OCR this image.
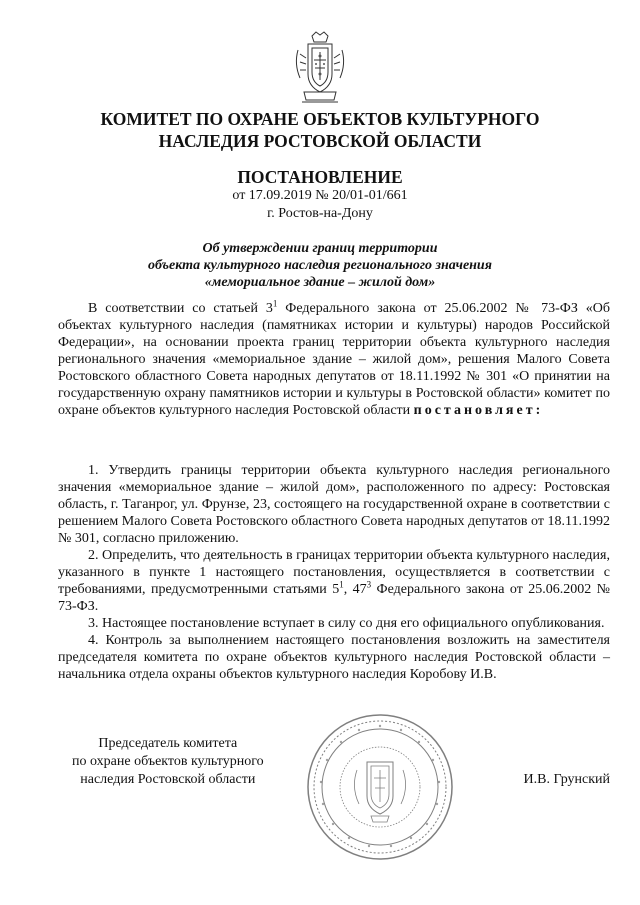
КОМИТЕТ ПО ОХРАНЕ ОБЪЕКТОВ КУЛЬТУРНОГО
НАСЛЕДИЯ РОСТОВСКОЙ ОБЛАСТИ
ПОСТАНОВЛЕНИЕ
от 17.09.2019 № 20/01-01/661
г. Ростов-на-Дону
Об утверждении границ территории
объекта культурного наследия регионального значения
«мемориальное здание – жилой дом»

В соответствии со статьей $3^1$ Федерального закона от 25.06.2002 № 73-ФЗ «Об объектах культурного наследия (памятниках истории и культуры) народов Российской Федерации», на основании проекта границ территории объекта культурного наследия регионального значения «мемориальное здание – жилой дом», решения Малого Совета Ростовского областного Совета народных депутатов от 18.11.1992 № 301 «О принятии на государственную охрану памятников истории и культуры в Ростовской области» комитет по охране объектов культурного наследия Ростовской области постановляет:

1. Утвердить границы территории объекта культурного наследия регионального значения «мемориальное здание – жилой дом», расположенного по адресу: Ростовская область, г. Таганрог, ул. Фрунзе, 23, состоящего на государственной охране в соответствии с решением Малого Совета Ростовского областного Совета народных депутатов от 18.11.1992 № 301, согласно приложению.

2. Определить, что деятельность в границах территории объекта культурного наследия, указанного в пункте 1 настоящего постановления, осуществляется в соответствии с требованиями, предусмотренными статьями $5^1$, $47^3$ Федерального закона от 25.06.2002 № 73-ФЗ.

3. Настоящее постановление вступает в силу со дня его официального опубликования.

4. Контроль за выполнением настоящего постановления возложить на заместителя председателя комитета по охране объектов культурного наследия Ростовской области – начальника отдела охраны объектов культурного наследия Коробову И.В.

Председатель комитета
по охране объектов культурного
наследия Ростовской области	И.В. Грунский
